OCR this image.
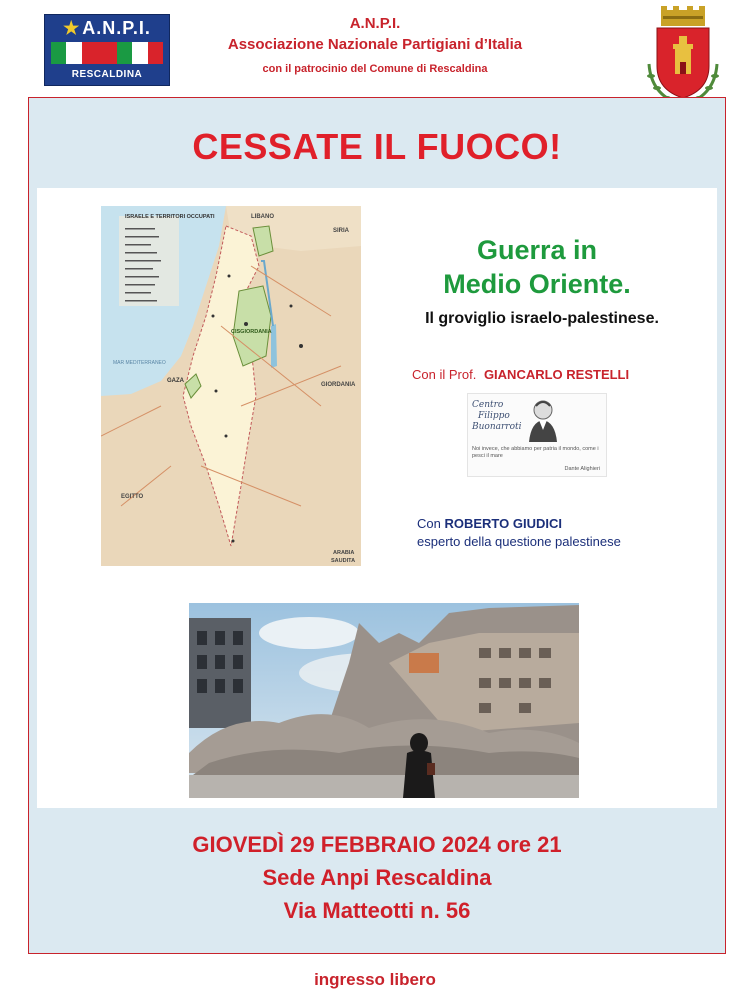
★ A.N.P.I.
RESCALDINA
A.N.P.I.
Associazione Nazionale Partigiani d’Italia
con il patrocinio del Comune di Rescaldina
CESSATE IL FUOCO!
ISRAELE E TERRITORI OCCUPATI	LIBANO
SIRIA
CISGIORDANIA
GIORDANIA
MAR MEDITERRANEO
GAZA
EGITTO
ARABIA
SAUDITA
Guerra in
Medio Oriente.
Il groviglio israelo-palestinese.
Con il Prof. GIANCARLO RESTELLI
Centro
Filippo
Buonarroti
Noi invece, che abbiamo per patria il mondo, come i pesci il mare
Dante Alighieri
Con ROBERTO GIUDICI
esperto della questione palestinese
GIOVEDÌ 29 FEBBRAIO 2024 ore 21
Sede Anpi Rescaldina
Via Matteotti n. 56
ingresso libero
